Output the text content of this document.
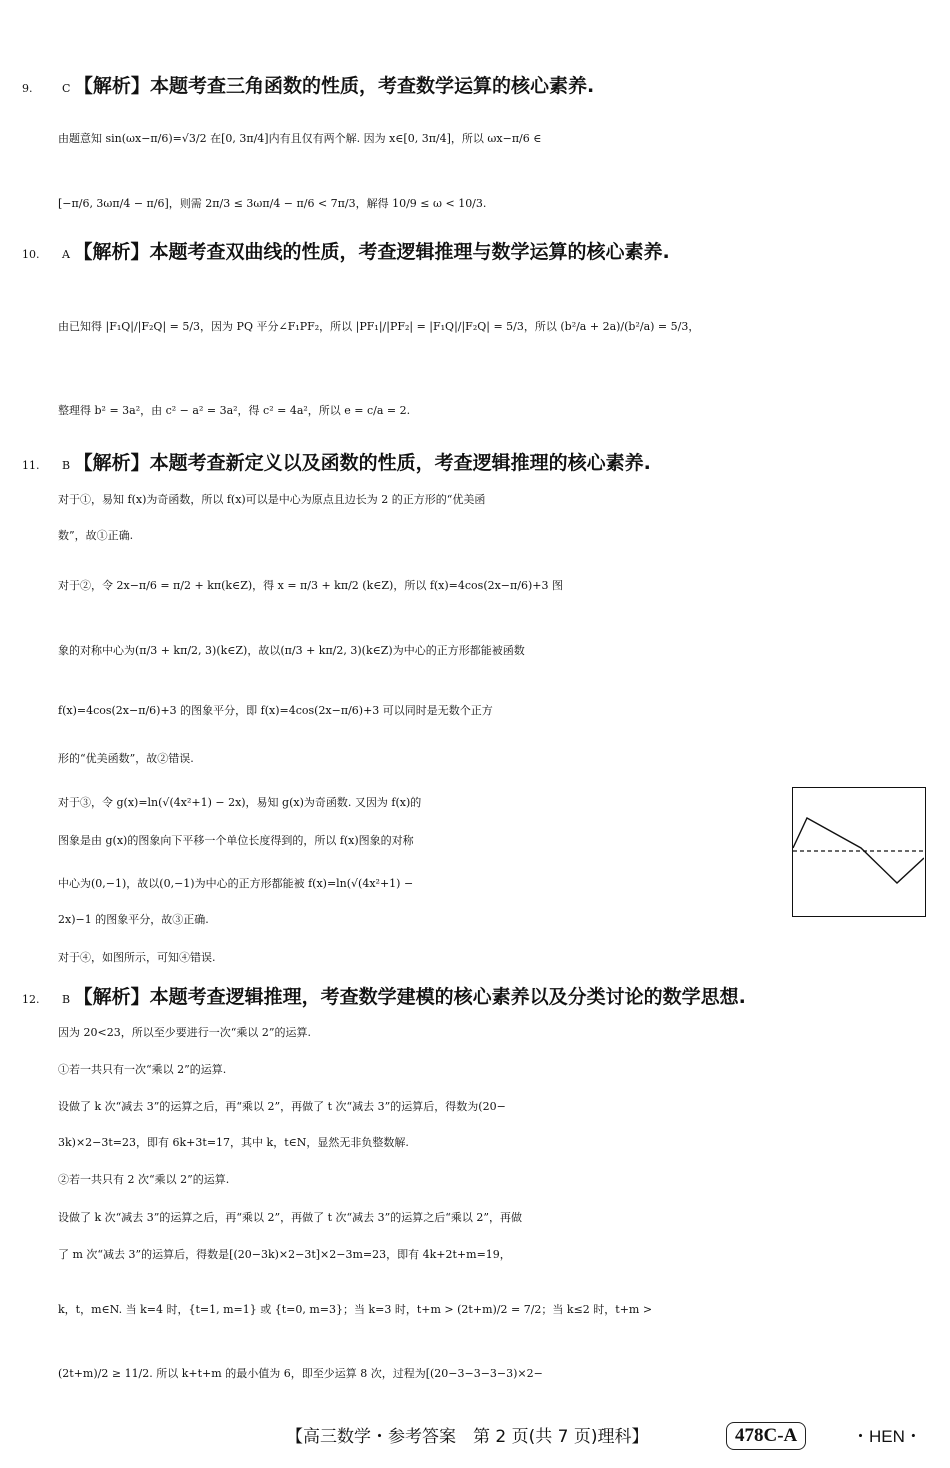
9.	C 【解析】本题考查三角函数的性质，考查数学运算的核心素养.
由题意知 sin(ωx−π/6)=√3/2 在[0, 3π/4]内有且仅有两个解. 因为 x∈[0, 3π/4]，所以 ωx−π/6 ∈
[−π/6, 3ωπ/4 − π/6]，则需 2π/3 ≤ 3ωπ/4 − π/6 < 7π/3，解得 10/9 ≤ ω < 10/3.
10. A 【解析】本题考查双曲线的性质，考查逻辑推理与数学运算的核心素养.
由已知得 |F₁Q|/|F₂Q| = 5/3，因为 PQ 平分∠F₁PF₂，所以 |PF₁|/|PF₂| = |F₁Q|/|F₂Q| = 5/3，所以 (b²/a + 2a)/(b²/a) = 5/3，
整理得 b² = 3a²，由 c² − a² = 3a²，得 c² = 4a²，所以 e = c/a = 2.
11. B 【解析】本题考查新定义以及函数的性质，考查逻辑推理的核心素养.
对于①，易知 f(x)为奇函数，所以 f(x)可以是中心为原点且边长为 2 的正方形的“优美函
数”，故①正确.
对于②，令 2x−π/6 = π/2 + kπ(k∈Z)，得 x = π/3 + kπ/2 (k∈Z)，所以 f(x)=4cos(2x−π/6)+3 图
象的对称中心为(π/3 + kπ/2, 3)(k∈Z)，故以(π/3 + kπ/2, 3)(k∈Z)为中心的正方形都能被函数
f(x)=4cos(2x−π/6)+3 的图象平分，即 f(x)=4cos(2x−π/6)+3 可以同时是无数个正方
形的“优美函数”，故②错误.
对于③，令 g(x)=ln(√(4x²+1) − 2x)，易知 g(x)为奇函数. 又因为 f(x)的
图象是由 g(x)的图象向下平移一个单位长度得到的，所以 f(x)图象的对称
中心为(0,−1)，故以(0,−1)为中心的正方形都能被 f(x)=ln(√(4x²+1) −
2x)−1 的图象平分，故③正确.
对于④，如图所示，可知④错误.
12. B 【解析】本题考查逻辑推理，考查数学建模的核心素养以及分类讨论的数学思想.
因为 20<23，所以至少要进行一次“乘以 2”的运算.
①若一共只有一次“乘以 2”的运算.
设做了 k 次“减去 3”的运算之后，再“乘以 2”，再做了 t 次“减去 3”的运算后，得数为(20−
3k)×2−3t=23，即有 6k+3t=17，其中 k，t∈N，显然无非负整数解.
②若一共只有 2 次“乘以 2”的运算.
设做了 k 次“减去 3”的运算之后，再“乘以 2”，再做了 t 次“减去 3”的运算之后“乘以 2”，再做
了 m 次“减去 3”的运算后，得数是[(20−3k)×2−3t]×2−3m=23，即有 4k+2t+m=19，
k，t，m∈N. 当 k=4 时，{t=1, m=1} 或 {t=0, m=3}；当 k=3 时，t+m > (2t+m)/2 = 7/2；当 k≤2 时，t+m >
(2t+m)/2 ≥ 11/2. 所以 k+t+m 的最小值为 6，即至少运算 8 次，过程为[(20−3−3−3−3)×2−
【高三数学・参考答案　第 2 页(共 7 页)理科】	478C-A	・HEN・
